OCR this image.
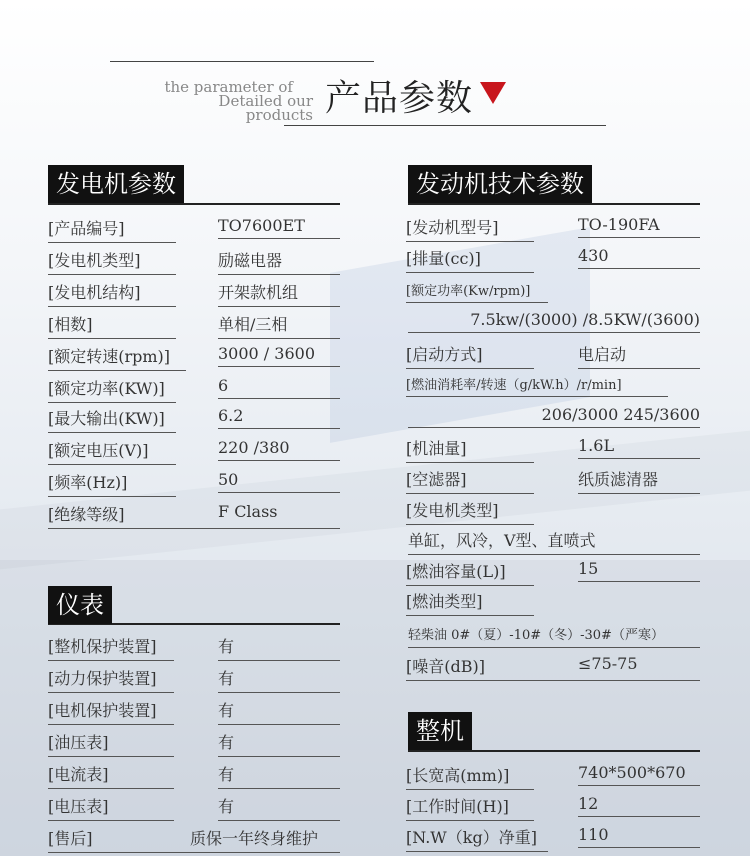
the parameter of
Detailed our products 产品参数
发电机参数
[产品编号]	TO7600ET
[发电机类型]	励磁电器
[发电机结构]	开架款机组
[相数]	单相/三相
[额定转速(rpm)]	3000 / 3600
[额定功率(KW)]	6
[最大输出(KW)]	6.2
[额定电压(V)]	220 /380
[频率(Hz)]	50
[绝缘等级]	F Class
仪表
[整机保护装置]	有
[动力保护装置]	有
[电机保护装置]	有
[油压表]	有
[电流表]	有
[电压表]	有
[售后]	质保一年终身维护
发动机技术参数
[发动机型号]	TO-190FA
[排量(cc)]	430
[额定功率(Kw/rpm)]
7.5kw/(3000) /8.5KW/(3600)
[启动方式]	电启动
[燃油消耗率/转速（g/kW.h）/r/min]
206/3000 245/3600
[机油量]	1.6L
[空滤器]	纸质滤清器
[发电机类型]
单缸，风冷，V型、直喷式
[燃油容量(L)]	15
[燃油类型]
轻柴油 0#（夏）-10#（冬）-30#（严寒）
[噪音(dB)]	≤75-75
整机
[长宽高(mm)]	740*500*670
[工作时间(H)]	12
[N.W（kg）净重]	110
